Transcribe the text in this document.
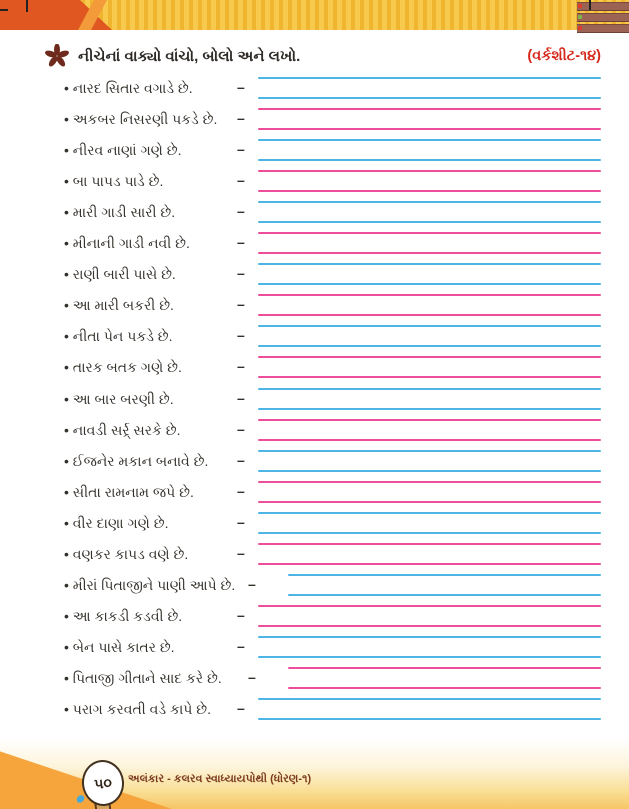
નીચેનાં વાક્યો વાંચો, બોલો અને લખો.	(વર્કશીટ-૧૪)
• નારદ સિતાર વગાડે છે.	–
• અકબર નિસરણી પકડે છે. –
• નીરવ નાણાં ગણે છે.	–
• બા પાપડ પાડે છે.	–
• મારી ગાડી સારી છે.	–
• મીનાની ગાડી નવી છે.	–
• રાણી બારી પાસે છે.	–
• આ મારી બકરી છે.	–
• નીતા પેન પકડે છે.	–
• તારક બતક ગણે છે.	–
• આ બાર બરણી છે.	–
• નાવડી સર્ર્ર્ સરકે છે.	–
• ઈજનેર મકાન બનાવે છે. –
• સીતા રામનામ જપે છે.	–
• વીર દાણા ગણે છે.	–
• વણકર કાપડ વણે છે.	–
• મીરાં પિતાજીને પાણી આપે છે. –
• આ કાકડી કડવી છે.	–
• બેન પાસે કાતર છે.	–
• પિતાજી ગીતાને સાદ કરે છે. –
• પરાગ કરવતી વડે કાપે છે. –
૫૦ અલંકાર - કલરવ સ્વાધ્યાયપોથી (ધોરણ-૧)
